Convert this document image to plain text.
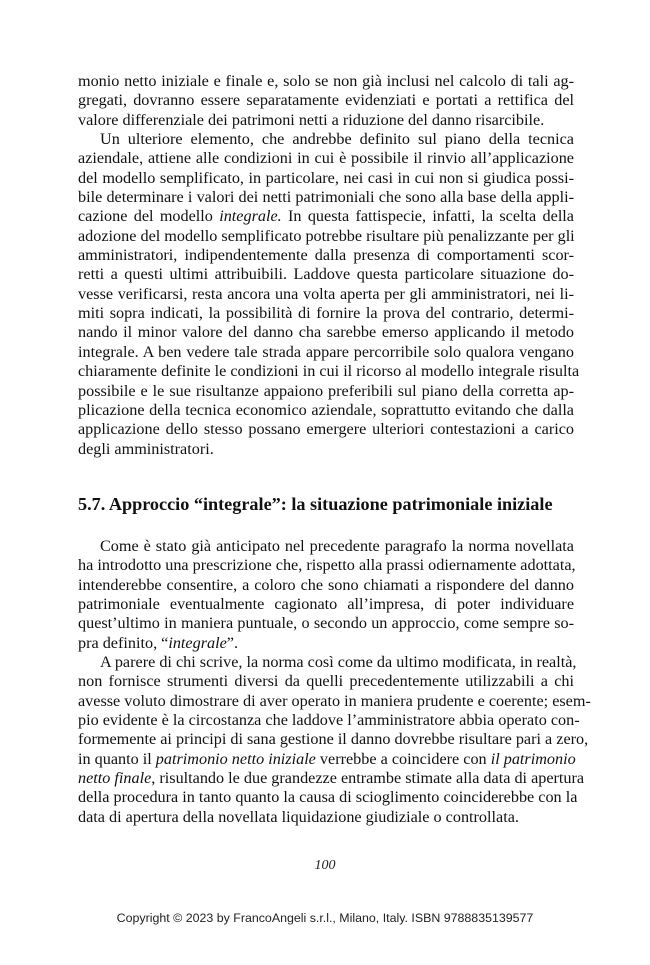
monio netto iniziale e finale e, solo se non già inclusi nel calcolo di tali ag-
gregati, dovranno essere separatamente evidenziati e portati a rettifica del
valore differenziale dei patrimoni netti a riduzione del danno risarcibile.
Un ulteriore elemento, che andrebbe definito sul piano della tecnica
aziendale, attiene alle condizioni in cui è possibile il rinvio all’applicazione
del modello semplificato, in particolare, nei casi in cui non si giudica possi-
bile determinare i valori dei netti patrimoniali che sono alla base della appli-
cazione del modello integrale. In questa fattispecie, infatti, la scelta della
adozione del modello semplificato potrebbe risultare più penalizzante per gli
amministratori, indipendentemente dalla presenza di comportamenti scor-
retti a questi ultimi attribuibili. Laddove questa particolare situazione do-
vesse verificarsi, resta ancora una volta aperta per gli amministratori, nei li-
miti sopra indicati, la possibilità di fornire la prova del contrario, determi-
nando il minor valore del danno cha sarebbe emerso applicando il metodo
integrale. A ben vedere tale strada appare percorribile solo qualora vengano
chiaramente definite le condizioni in cui il ricorso al modello integrale risulta
possibile e le sue risultanze appaiono preferibili sul piano della corretta ap-
plicazione della tecnica economico aziendale, soprattutto evitando che dalla
applicazione dello stesso possano emergere ulteriori contestazioni a carico
degli amministratori.
5.7. Approccio “integrale”: la situazione patrimoniale iniziale
Come è stato già anticipato nel precedente paragrafo la norma novellata
ha introdotto una prescrizione che, rispetto alla prassi odiernamente adottata,
intenderebbe consentire, a coloro che sono chiamati a rispondere del danno
patrimoniale eventualmente cagionato all’impresa, di poter individuare
quest’ultimo in maniera puntuale, o secondo un approccio, come sempre so-
pra definito, “integrale”.
A parere di chi scrive, la norma così come da ultimo modificata, in realtà,
non fornisce strumenti diversi da quelli precedentemente utilizzabili a chi
avesse voluto dimostrare di aver operato in maniera prudente e coerente; esem-
pio evidente è la circostanza che laddove l’amministratore abbia operato con-
formemente ai principi di sana gestione il danno dovrebbe risultare pari a zero,
in quanto il patrimonio netto iniziale verrebbe a coincidere con il patrimonio
netto finale, risultando le due grandezze entrambe stimate alla data di apertura
della procedura in tanto quanto la causa di scioglimento coinciderebbe con la
data di apertura della novellata liquidazione giudiziale o controllata.
100
Copyright © 2023 by FrancoAngeli s.r.l., Milano, Italy. ISBN 9788835139577
